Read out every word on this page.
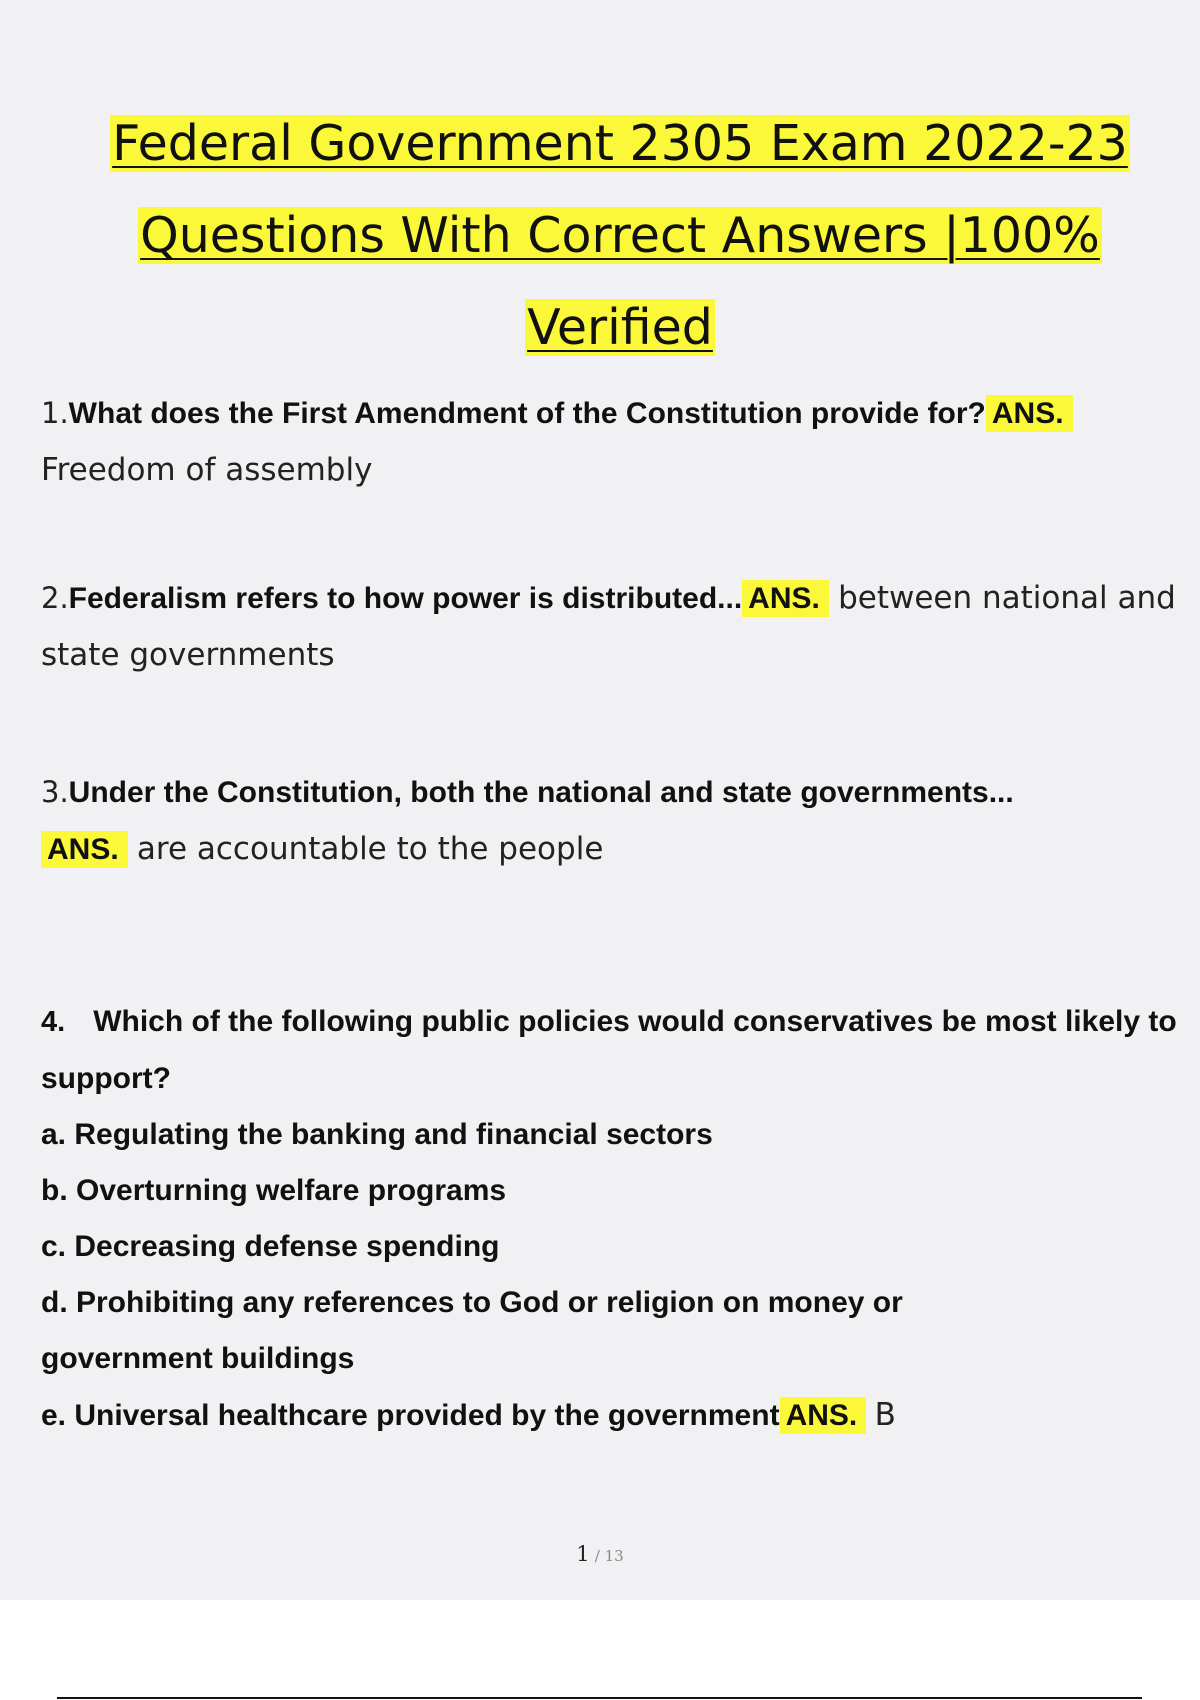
Federal Government 2305 Exam 2022-23
Questions With Correct Answers |100%
Verified
1.What does the First Amendment of the Constitution provide for? ANS.
Freedom of assembly
2.Federalism refers to how power is distributed... ANS. between national and state governments
3.Under the Constitution, both the national and state governments...
ANS. are accountable to the people
4. Which of the following public policies would conservatives be most likely to support?
a. Regulating the banking and financial sectors
b. Overturning welfare programs
c. Decreasing defense spending
d. Prohibiting any references to God or religion on money or government buildings
e. Universal healthcare provided by the government ANS. B
1 / 13
